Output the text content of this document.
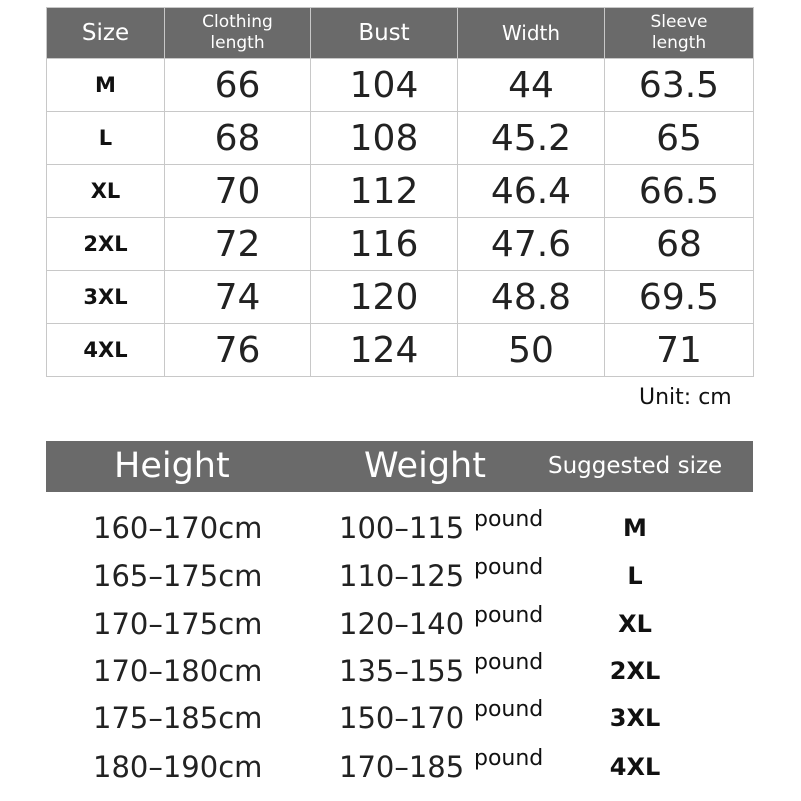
Size	Clothing length	Bust	Width	Sleeve length
M	66	104	44	63.5
L	68	108	45.2	65
XL	70	112	46.4	66.5
2XL	72	116	47.6	68
3XL	74	120	48.8	69.5
4XL	76	124	50	71
Unit: cm
Height	Weight	Suggested size
160–170cm	100–115 pound	M
165–175cm	110–125 pound	L
170–175cm	120–140 pound	XL
170–180cm	135–155 pound	2XL
175–185cm	150–170 pound	3XL
180–190cm	170–185 pound	4XL
